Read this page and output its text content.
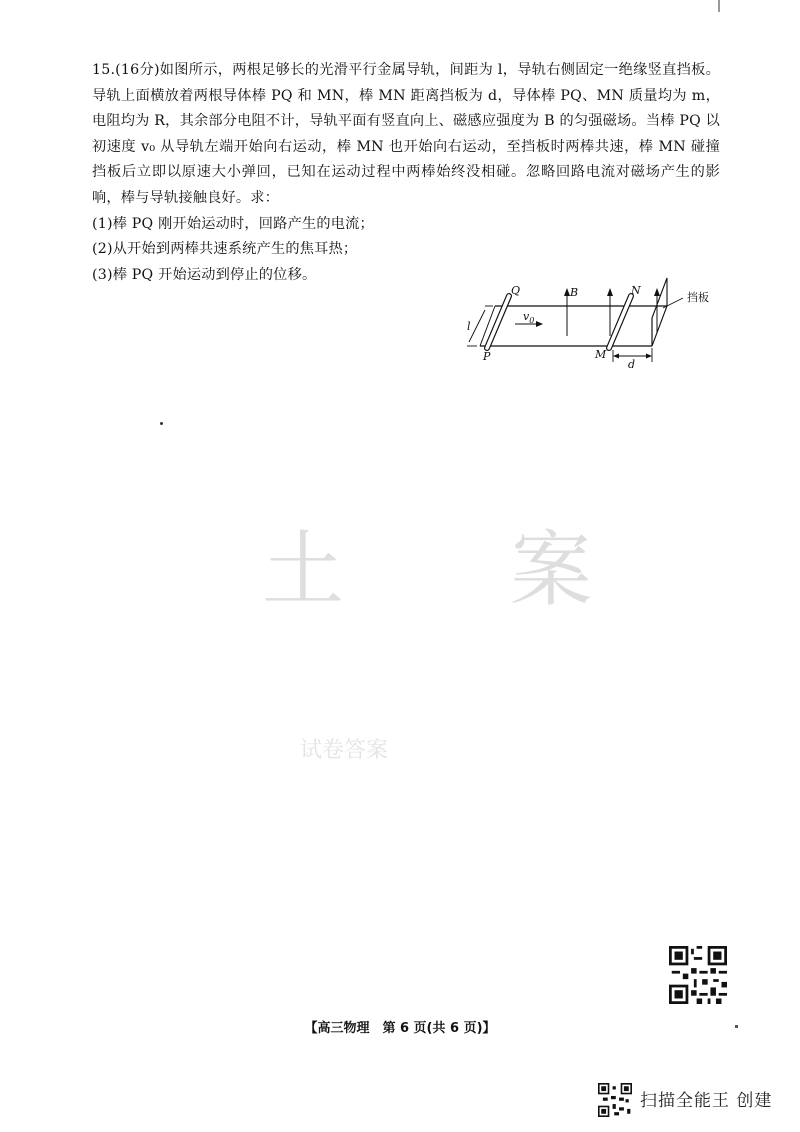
15.(16分)如图所示，两根足够长的光滑平行金属导轨，间距为 l，导轨右侧固定一绝缘竖直挡板。导轨上面横放着两根导体棒 PQ 和 MN，棒 MN 距离挡板为 d，导体棒 PQ、MN 质量均为 m，电阻均为 R，其余部分电阻不计，导轨平面有竖直向上、磁感应强度为 B 的匀强磁场。当棒 PQ 以初速度 v₀ 从导轨左端开始向右运动，棒 MN 也开始向右运动，至挡板时两棒共速，棒 MN 碰撞挡板后立即以原速大小弹回，已知在运动过程中两棒始终没相碰。忽略回路电流对磁场产生的影响，棒与导轨接触良好。求：

(1)棒 PQ 刚开始运动时，回路产生的电流；

(2)从开始到两棒共速系统产生的焦耳热；

(3)棒 PQ 开始运动到停止的位移。

Q
P
N
M
B
$v_0$
l
d
挡板
土 案
试卷答案
【高三物理　第 6 页(共 6 页)】
扫描全能王 创建
